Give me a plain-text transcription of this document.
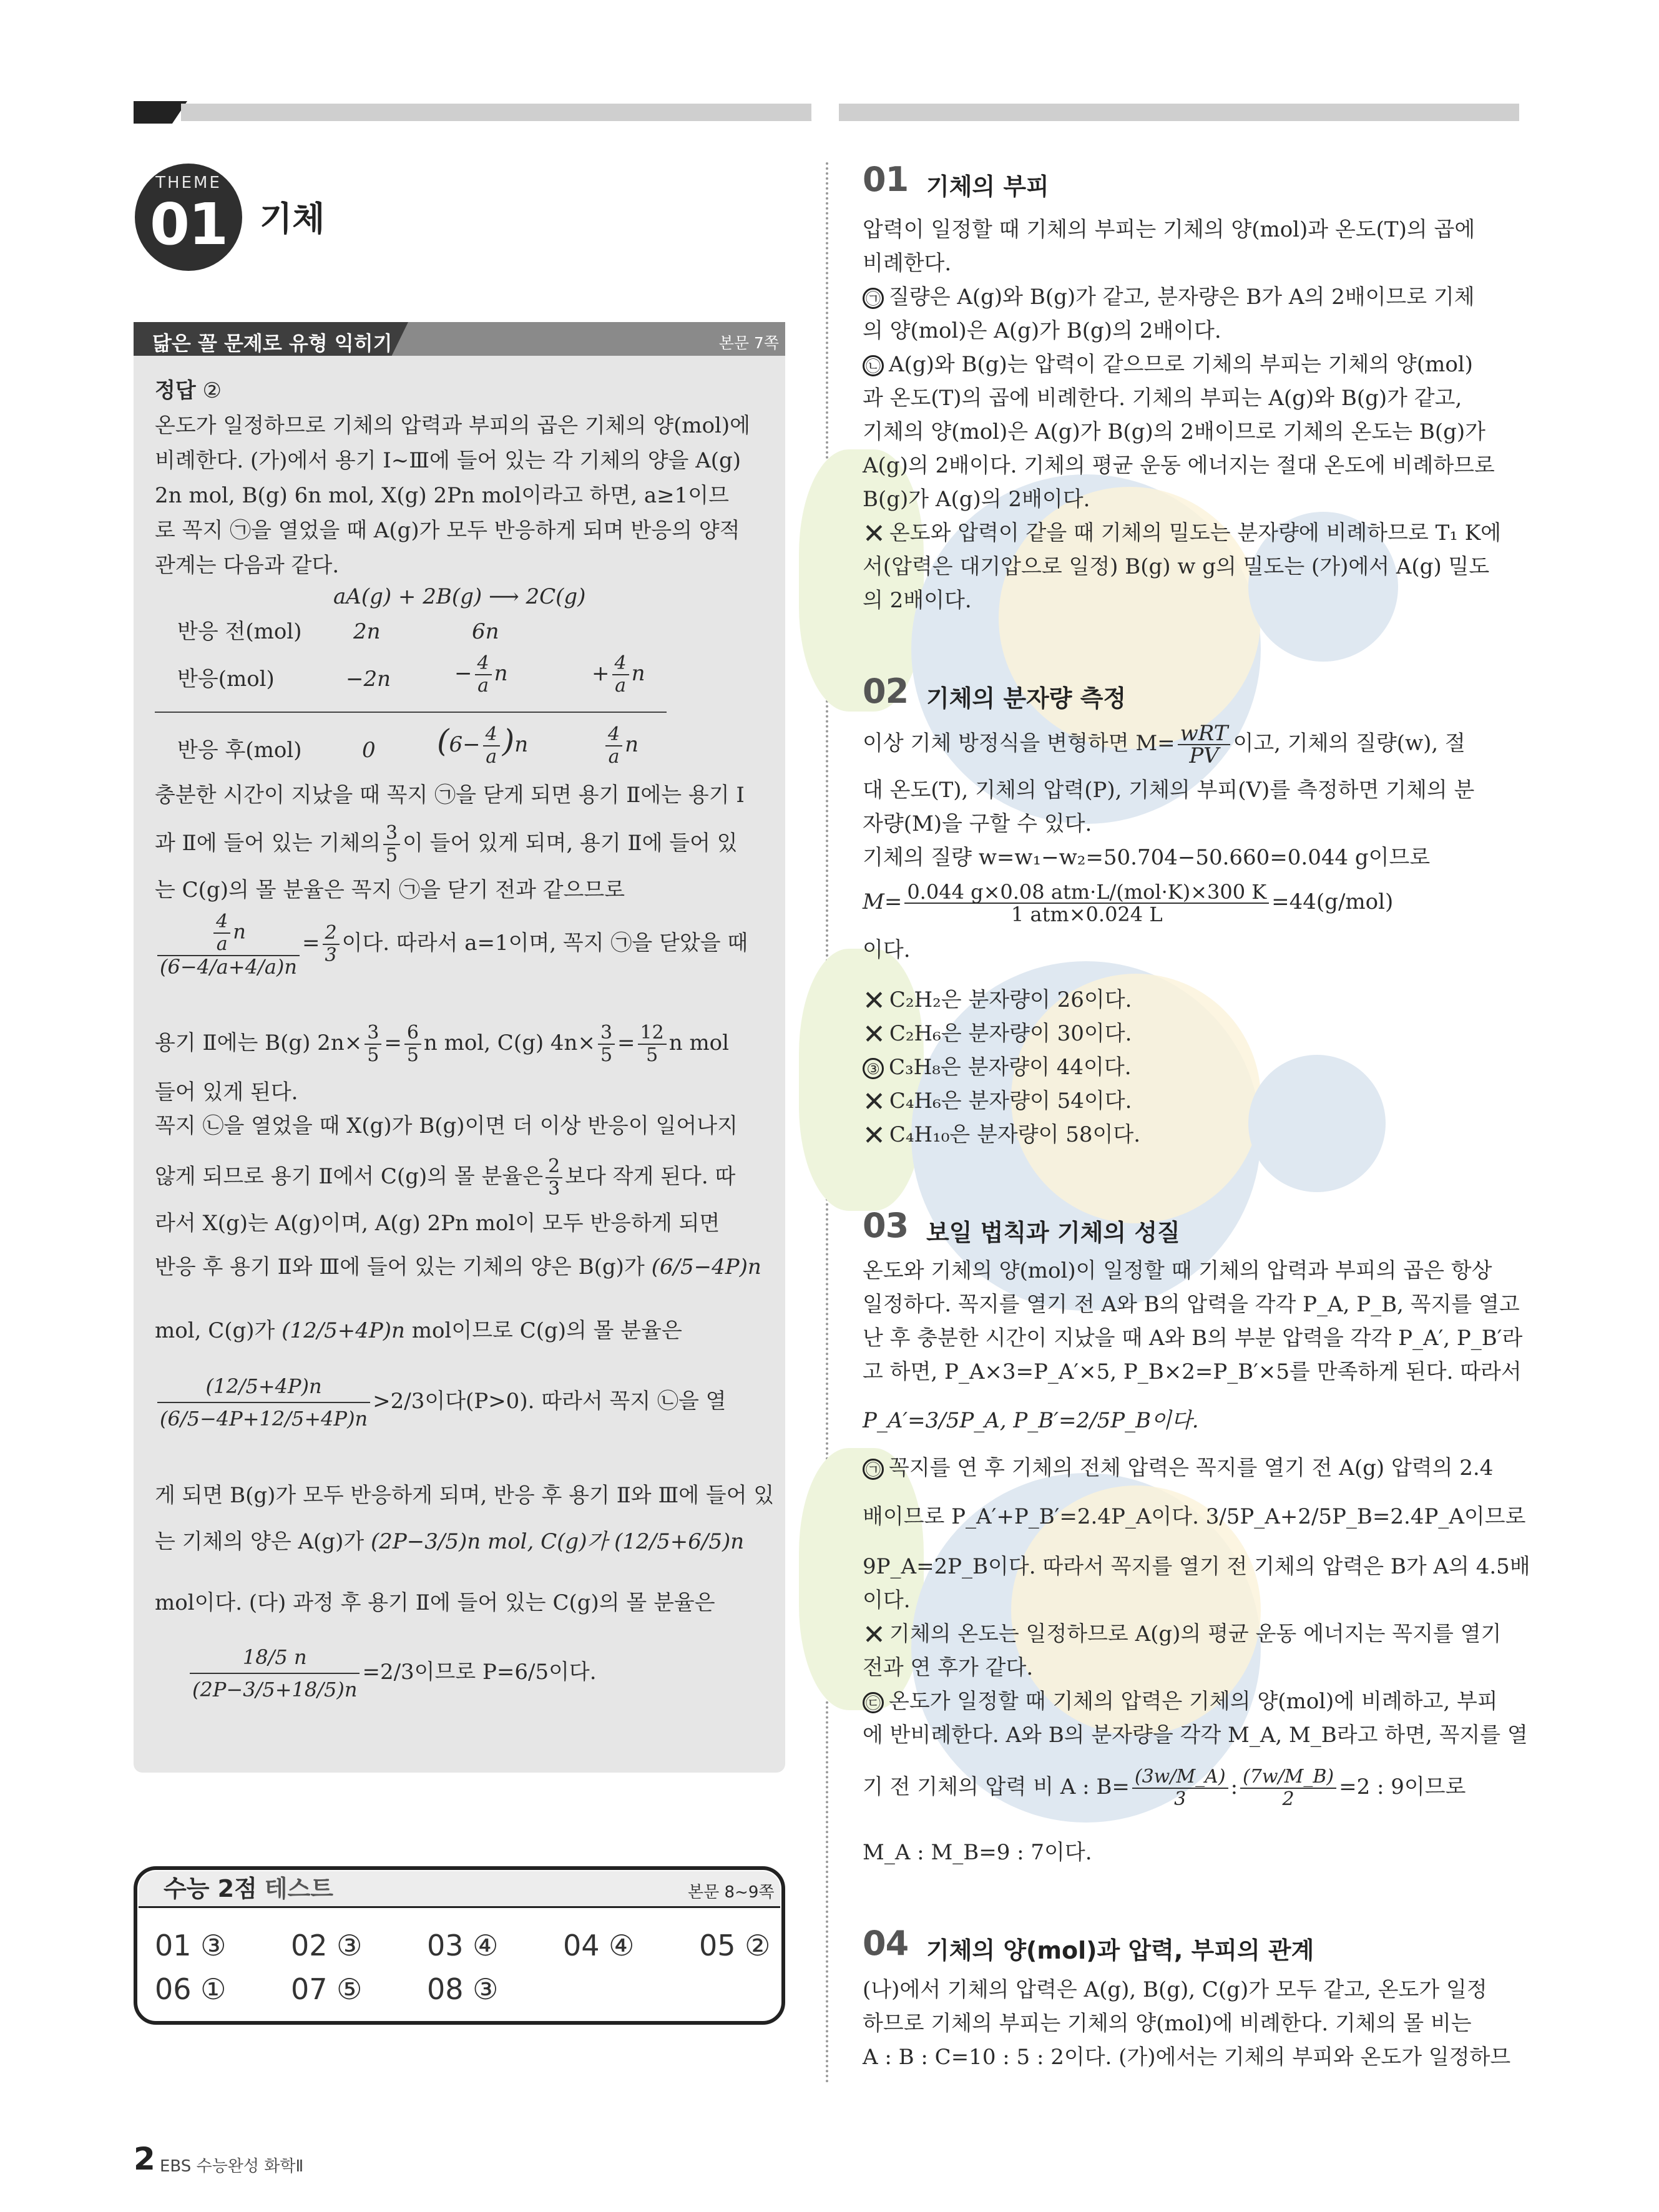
THEME
01 기체
닮은 꼴 문제로 유형 익히기	본문 7쪽
정답 ②
온도가 일정하므로 기체의 압력과 부피의 곱은 기체의 양(mol)에
비례한다. (가)에서 용기 Ⅰ~Ⅲ에 들어 있는 각 기체의 양을 A(g)
2n mol, B(g) 6n mol, X(g) 2Pn mol이라고 하면, a≥1이므
로 꼭지 ㉠을 열었을 때 A(g)가 모두 반응하게 되며 반응의 양적
관계는 다음과 같다.
aA(g) + 2B(g) ⟶ 2C(g)
반응 전(mol) 2n	6n
반응(mol)	−2n	− $\frac{4}{a}$ n	+ $\frac{4}{a}$ n
반응 후(mol)	0 $(6- \frac{4}{a} )n$	$\frac{4}{a}$ n
충분한 시간이 지났을 때 꼭지 ㉠을 닫게 되면 용기 Ⅱ에는 용기 Ⅰ
과 Ⅱ에 들어 있는 기체의 $\frac{3}{5}$ 이 들어 있게 되며, 용기 Ⅱ에 들어 있
는 C(g)의 몰 분율은 꼭지 ㉠을 닫기 전과 같으므로
$\frac{\frac{4}{a} n}{(6-4/a+4/a)n} = \frac{2}{3}$ 이다. 따라서 a=1이며, 꼭지 ㉠을 닫았을 때
용기 Ⅱ에는 B(g) $2n\times \frac{3}{5} = \frac{6}{5}$ n mol, C(g) $4n\times \frac{3}{5} = \frac{12}{5}$ n mol
들어 있게 된다.
꼭지 ㉡을 열었을 때 X(g)가 B(g)이면 더 이상 반응이 일어나지
않게 되므로 용기 Ⅱ에서 C(g)의 몰 분율은 $\frac{2}{3}$ 보다 작게 된다. 따
라서 X(g)는 A(g)이며, A(g) 2Pn mol이 모두 반응하게 되면
반응 후 용기 Ⅱ와 Ⅲ에 들어 있는 기체의 양은 B(g)가 (6/5−4P)n
mol, C(g)가 (12/5+4P)n mol이므로 C(g)의 몰 분율은
$\frac{(12/5+4P)n}{(6/5-4P+12/5+4P)n} >2/3$이다(P>0). 따라서 꼭지 ㉡을 열
게 되면 B(g)가 모두 반응하게 되며, 반응 후 용기 Ⅱ와 Ⅲ에 들어 있
는 기체의 양은 A(g)가 (2P−3/5)n mol, C(g)가 (12/5+6/5)n
mol이다. (다) 과정 후 용기 Ⅱ에 들어 있는 C(g)의 몰 분율은
$\frac{18/5 n}{(2P-3/5+18/5)n} =2/3$이므로 P=6/5이다.
수능 2점 테스트	본문 8~9쪽
01 ③ 02 ③ 03 ④ 04 ④ 05 ②
06 ① 07 ⑤ 08 ③
01 기체의 부피
압력이 일정할 때 기체의 부피는 기체의 양(mol)과 온도(T)의 곱에
비례한다.
㉠ 질량은 A(g)와 B(g)가 같고, 분자량은 B가 A의 2배이므로 기체
의 양(mol)은 A(g)가 B(g)의 2배이다.
㉡ A(g)와 B(g)는 압력이 같으므로 기체의 부피는 기체의 양(mol)
과 온도(T)의 곱에 비례한다. 기체의 부피는 A(g)와 B(g)가 같고,
기체의 양(mol)은 A(g)가 B(g)의 2배이므로 기체의 온도는 B(g)가
A(g)의 2배이다. 기체의 평균 운동 에너지는 절대 온도에 비례하므로
B(g)가 A(g)의 2배이다.
✕ 온도와 압력이 같을 때 기체의 밀도는 분자량에 비례하므로 T₁ K에
서(압력은 대기압으로 일정) B(g) w g의 밀도는 (가)에서 A(g) 밀도
의 2배이다.
02 기체의 분자량 측정
이상 기체 방정식을 변형하면 $M= \frac{\text{wRT}}{PV}$ 이고, 기체의 질량(w), 절
대 온도(T), 기체의 압력(P), 기체의 부피(V)를 측정하면 기체의 분
자량(M)을 구할 수 있다.
기체의 질량 w=w₁−w₂=50.704−50.660=0.044 g이므로
$M= \frac{\text{0.044 g×0.08 atm·L/(mol·K)×300 K}}{\text{1 atm×0.024 L}} =44(g/mol)$
이다.
✕ C₂H₂은 분자량이 26이다.
✕ C₂H₆은 분자량이 30이다.
③ C₃H₈은 분자량이 44이다.
✕ C₄H₆은 분자량이 54이다.
✕ C₄H₁₀은 분자량이 58이다.
03 보일 법칙과 기체의 성질
온도와 기체의 양(mol)이 일정할 때 기체의 압력과 부피의 곱은 항상
일정하다. 꼭지를 열기 전 A와 B의 압력을 각각 P_A, P_B, 꼭지를 열고
난 후 충분한 시간이 지났을 때 A와 B의 부분 압력을 각각 P_A′, P_B′라
고 하면, P_A×3=P_A′×5, P_B×2=P_B′×5를 만족하게 된다. 따라서
P_A′=3/5P_A, P_B′=2/5P_B이다.
㉠ 꼭지를 연 후 기체의 전체 압력은 꼭지를 열기 전 A(g) 압력의 2.4
배이므로 P_A′+P_B′=2.4P_A이다. 3/5P_A+2/5P_B=2.4P_A이므로
9P_A=2P_B이다. 따라서 꼭지를 열기 전 기체의 압력은 B가 A의 4.5배
이다.
✕ 기체의 온도는 일정하므로 A(g)의 평균 운동 에너지는 꼭지를 열기
전과 연 후가 같다.
㉢ 온도가 일정할 때 기체의 압력은 기체의 양(mol)에 비례하고, 부피
에 반비례한다. A와 B의 분자량을 각각 M_A, M_B라고 하면, 꼭지를 열
기 전 기체의 압력 비 A : $B= \frac{(3w/M\_A)}{3}$ : $\frac{(7w/M\_B)}{2} =2$ : 9이므로
M_A : M_B=9 : 7이다.
04 기체의 양(mol)과 압력, 부피의 관계
(나)에서 기체의 압력은 A(g), B(g), C(g)가 모두 같고, 온도가 일정
하므로 기체의 부피는 기체의 양(mol)에 비례한다. 기체의 몰 비는
A : B : C=10 : 5 : 2이다. (가)에서는 기체의 부피와 온도가 일정하므
2 EBS 수능완성 화학Ⅱ
